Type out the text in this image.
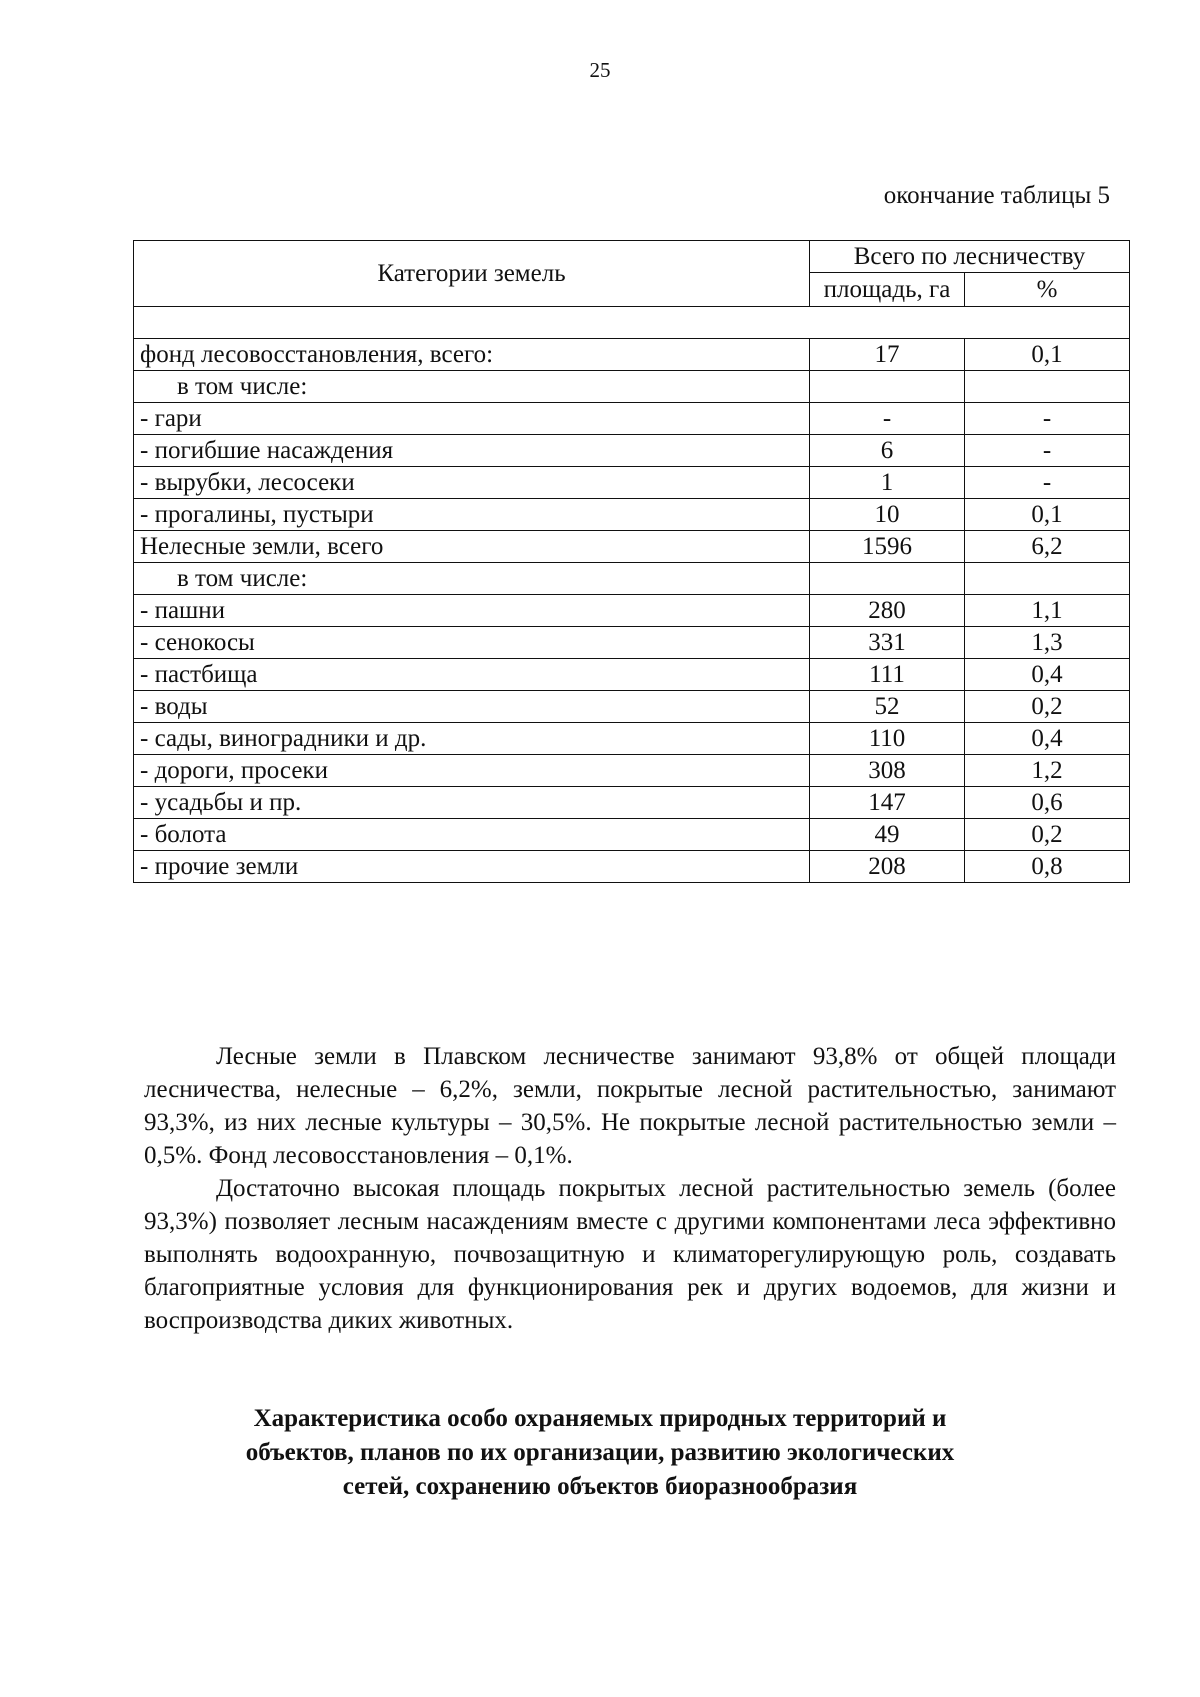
25
окончание таблицы 5
Категории земель	Всего по лесничеству	
	площадь, га	%

фонд лесовосстановления, всего:	17	0,1
в том числе:		
- гари	-	-
- погибшие насаждения	6	-
- вырубки, лесосеки	1	-
- прогалины, пустыри	10	0,1
Нелесные земли, всего	1596	6,2
в том числе:		
- пашни	280	1,1
- сенокосы	331	1,3
- пастбища	111	0,4
- воды	52	0,2
- сады, виноградники и др.	110	0,4
- дороги, просеки	308	1,2
- усадьбы и пр.	147	0,6
- болота	49	0,2
- прочие земли	208	0,8

Лесные земли в Плавском лесничестве занимают 93,8% от общей площади лесничества, нелесные – 6,2%, земли, покрытые лесной растительностью, занимают 93,3%, из них лесные культуры – 30,5%. Не покрытые лесной растительностью земли – 0,5%. Фонд лесовосстановления – 0,1%.

Достаточно высокая площадь покрытых лесной растительностью земель (более 93,3%) позволяет лесным насаждениям вместе с другими компонентами леса эффективно выполнять водоохранную, почвозащитную и климаторегулирующую роль, создавать благоприятные условия для функционирования рек и других водоемов, для жизни и воспроизводства диких животных.

Характеристика особо охраняемых природных территорий и
объектов, планов по их организации, развитию экологических
сетей, сохранению объектов биоразнообразия
